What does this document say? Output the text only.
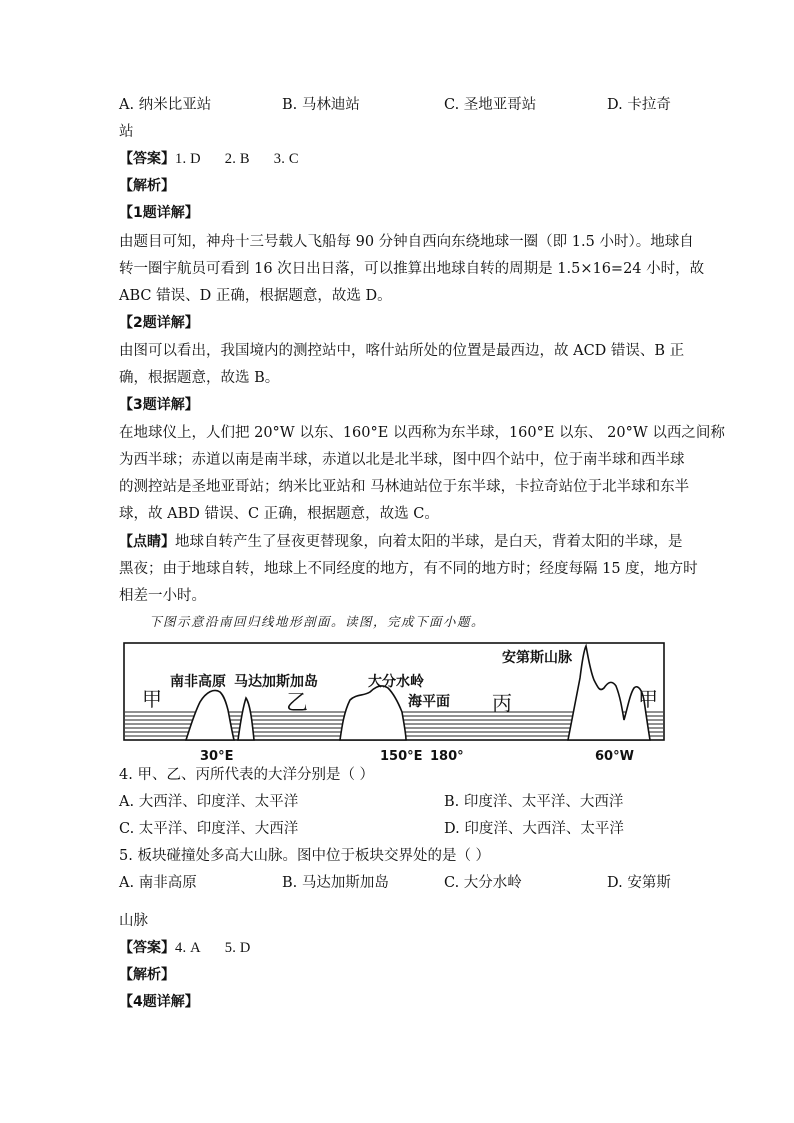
A. 纳米比亚站	B. 马林迪站	C. 圣地亚哥站	D. 卡拉奇
站
【答案】1. D 2. B 3. C
【解析】
【1题详解】
由题目可知，神舟十三号载人飞船每 90 分钟自西向东绕地球一圈（即 1.5 小时）。地球自
转一圈宇航员可看到 16 次日出日落，可以推算出地球自转的周期是 1.5×16=24 小时，故
ABC 错误、D 正确，根据题意，故选 D。
【2题详解】
由图可以看出，我国境内的测控站中，喀什站所处的位置是最西边，故 ACD 错误、B 正
确，根据题意，故选 B。
【3题详解】
在地球仪上，人们把 20°W 以东、160°E 以西称为东半球，160°E 以东、 20°W 以西之间称
为西半球；赤道以南是南半球，赤道以北是北半球，图中四个站中，位于南半球和西半球
的测控站是圣地亚哥站；纳米比亚站和 马林迪站位于东半球，卡拉奇站位于北半球和东半
球，故 ABD 错误、C 正确，根据题意，故选 C。
【点睛】地球自转产生了昼夜更替现象，向着太阳的半球，是白天，背着太阳的半球，是
黑夜；由于地球自转，地球上不同经度的地方，有不同的地方时；经度每隔 15 度，地方时
相差一小时。
下图示意沿南回归线地形剖面。读图，完成下面小题。
南非高原 马达加斯加岛	大分水岭
海平面
安第斯山脉
甲	乙	丙	甲
30°E	150°E 180°	60°W
4. 甲、乙、丙所代表的大洋分别是（ ）
A. 大西洋、印度洋、太平洋	B. 印度洋、太平洋、大西洋
C. 太平洋、印度洋、大西洋	D. 印度洋、大西洋、太平洋
5. 板块碰撞处多高大山脉。图中位于板块交界处的是（ ）
A. 南非高原	B. 马达加斯加岛	C. 大分水岭	D. 安第斯
山脉
【答案】4. A 5. D
【解析】
【4题详解】
